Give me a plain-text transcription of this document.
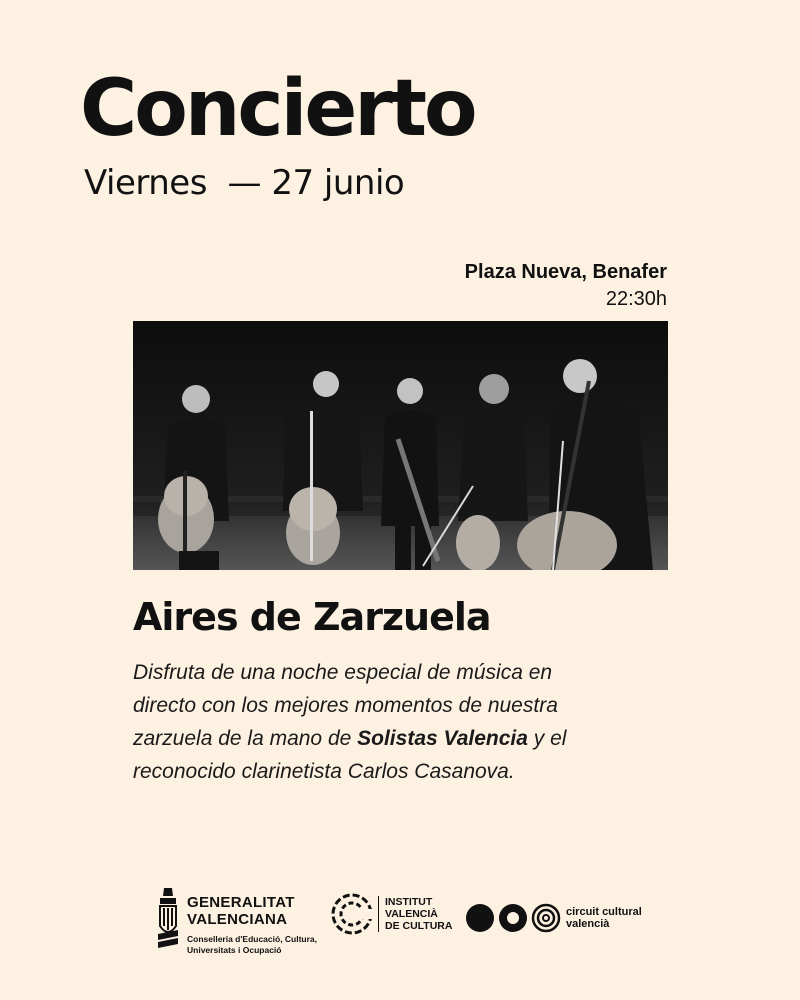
Concierto
Viernes  — 27 junio
Plaza Nueva, Benafer
22:30h
Aires de Zarzuela

Disfruta de una noche especial de música en directo con los mejores momentos de nuestra zarzuela de la mano de Solistas Valencia y el reconocido clarinetista Carlos Casanova.

GENERALITAT
VALENCIANA
Conselleria d'Educació, Cultura,
Universitats i Ocupació
INSTITUT
VALENCIÀ
DE CULTURA
circuit cultural
valencià
